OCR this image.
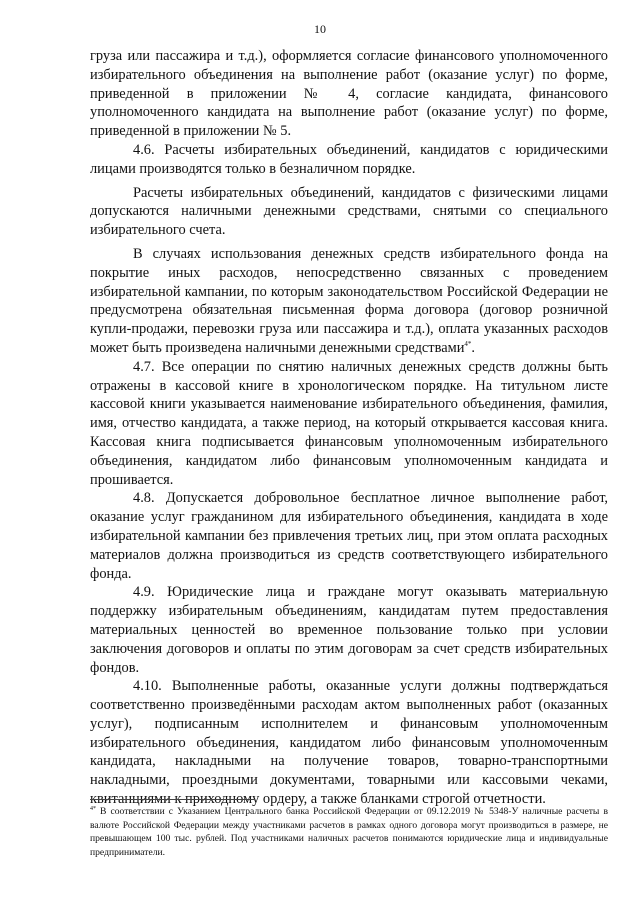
10

груза или пассажира и т.д.), оформляется согласие финансового уполномоченного избирательного объединения на выполнение работ (оказание услуг) по форме, приведенной в приложении № 4, согласие кандидата, финансового уполномоченного кандидата на выполнение работ (оказание услуг) по форме, приведенной в приложении № 5.

4.6. Расчеты избирательных объединений, кандидатов с юридическими лицами производятся только в безналичном порядке.

Расчеты избирательных объединений, кандидатов с физическими лицами допускаются наличными денежными средствами, снятыми со специального избирательного счета.

В случаях использования денежных средств избирательного фонда на покрытие иных расходов, непосредственно связанных с проведением избирательной кампании, по которым законодательством Российской Федерации не предусмотрена обязательная письменная форма договора (договор розничной купли-продажи, перевозки груза или пассажира и т.д.), оплата указанных расходов может быть произведена наличными денежными средствами$^{4*}$.

4.7. Все операции по снятию наличных денежных средств должны быть отражены в кассовой книге в хронологическом порядке. На титульном листе кассовой книги указывается наименование избирательного объединения, фамилия, имя, отчество кандидата, а также период, на который открывается кассовая книга. Кассовая книга подписывается финансовым уполномоченным избирательного объединения, кандидатом либо финансовым уполномоченным кандидата и прошивается.

4.8. Допускается добровольное бесплатное личное выполнение работ, оказание услуг гражданином для избирательного объединения, кандидата в ходе избирательной кампании без привлечения третьих лиц, при этом оплата расходных материалов должна производиться из средств соответствующего избирательного фонда.

4.9. Юридические лица и граждане могут оказывать материальную поддержку избирательным объединениям, кандидатам путем предоставления материальных ценностей во временное пользование только при условии заключения договоров и оплаты по этим договорам за счет средств избирательных фондов.

4.10. Выполненные работы, оказанные услуги должны подтверждаться соответственно произведёнными расходам актом выполненных работ (оказанных услуг), подписанным исполнителем и финансовым уполномоченным избирательного объединения, кандидатом либо финансовым уполномоченным кандидата, накладными на получение товаров, товарно-транспортными накладными, проездными документами, товарными или кассовыми чеками, квитанциями к приходному ордеру, а также бланками строгой отчетности.

$^{4*}$ В соответствии с Указанием Центрального банка Российской Федерации от 09.12.2019 № 5348-У наличные расчеты в валюте Российской Федерации между участниками расчетов в рамках одного договора могут производиться в размере, не превышающем 100 тыс. рублей. Под участниками наличных расчетов понимаются юридические лица и индивидуальные предприниматели.
